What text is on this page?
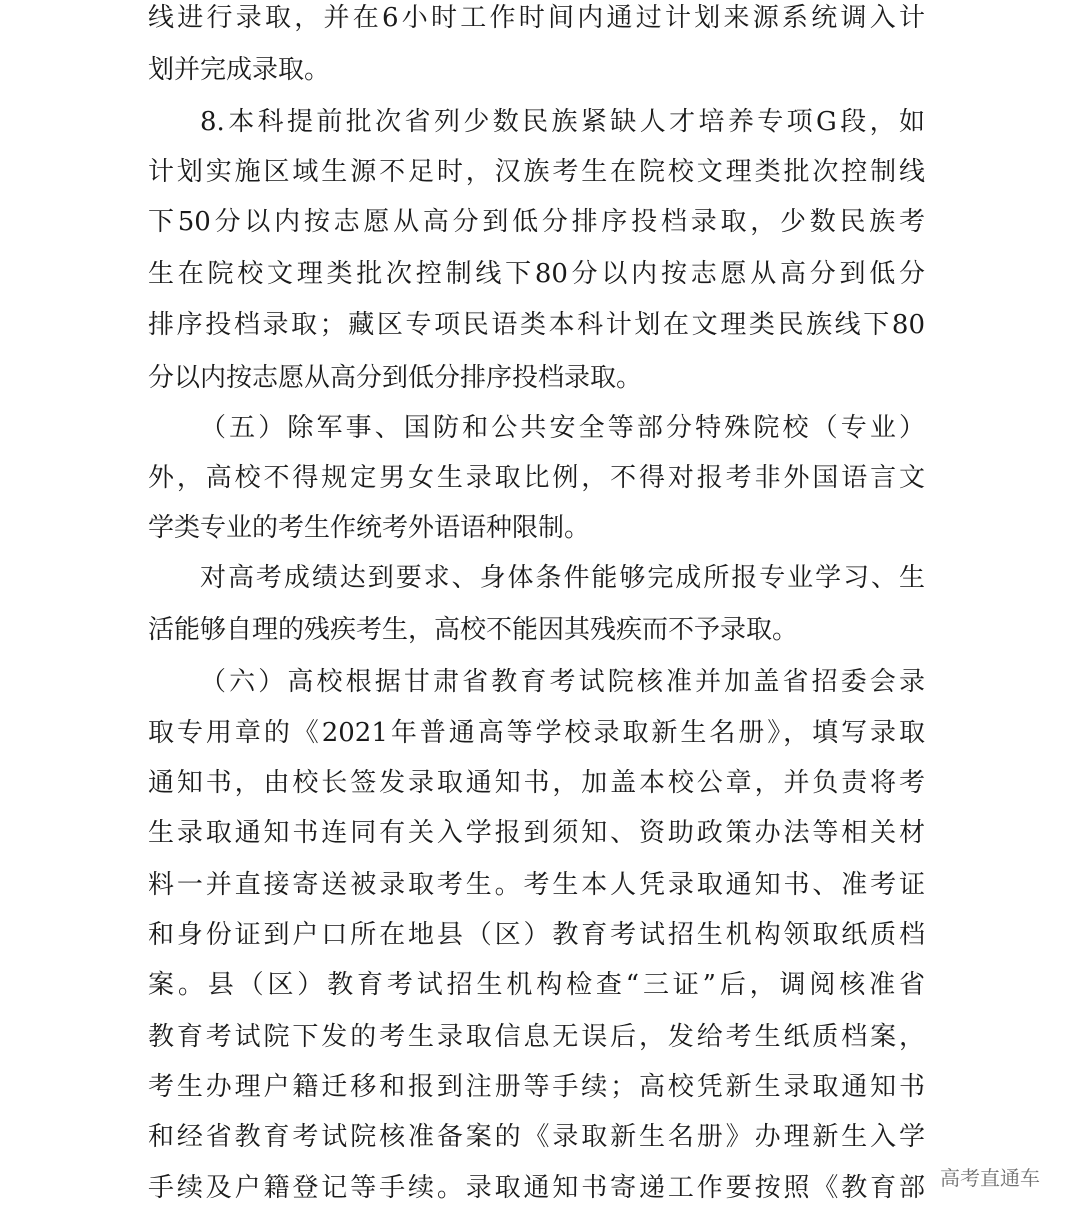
线进行录取，并在6小时工作时间内通过计划来源系统调入计
划并完成录取。
8.本科提前批次省列少数民族紧缺人才培养专项G段，如
计划实施区域生源不足时，汉族考生在院校文理类批次控制线
下50分以内按志愿从高分到低分排序投档录取，少数民族考
生在院校文理类批次控制线下80分以内按志愿从高分到低分
排序投档录取；藏区专项民语类本科计划在文理类民族线下80
分以内按志愿从高分到低分排序投档录取。
（五）除军事、国防和公共安全等部分特殊院校（专业）
外，高校不得规定男女生录取比例，不得对报考非外国语言文
学类专业的考生作统考外语语种限制。
对高考成绩达到要求、身体条件能够完成所报专业学习、生
活能够自理的残疾考生，高校不能因其残疾而不予录取。
（六）高校根据甘肃省教育考试院核准并加盖省招委会录
取专用章的《2021年普通高等学校录取新生名册》，填写录取
通知书，由校长签发录取通知书，加盖本校公章，并负责将考
生录取通知书连同有关入学报到须知、资助政策办法等相关材
料一并直接寄送被录取考生。考生本人凭录取通知书、准考证
和身份证到户口所在地县（区）教育考试招生机构领取纸质档
案。县（区）教育考试招生机构检查“三证”后，调阅核准省
教育考试院下发的考生录取信息无误后，发给考生纸质档案，
考生办理户籍迁移和报到注册等手续；高校凭新生录取通知书
和经省教育考试院核准备案的《录取新生名册》办理新生入学
手续及户籍登记等手续。录取通知书寄递工作要按照《教育部 高考直通车
